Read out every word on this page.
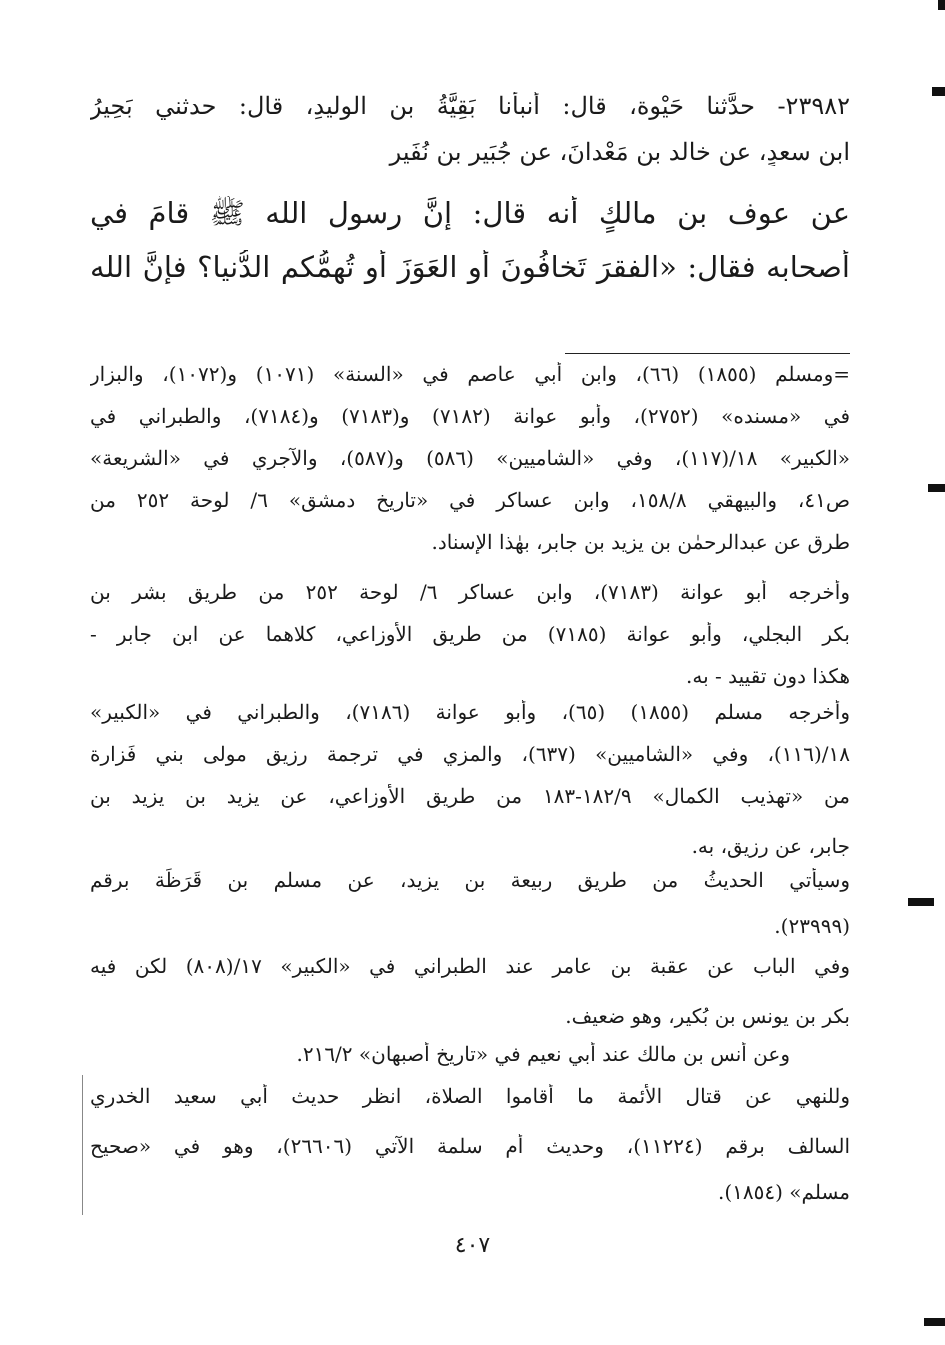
٢٣٩٨٢- حدَّثنا حَيْوة، قال: أَنبأنا بَقِيَّةُ بن الوليدِ، قال: حدثني بَحِيرُ
ابن سعدٍ، عن خالد بن مَعْدانَ، عن جُبَير بن نُفَير
عن عوف بن مالكٍ أنه قال: إنَّ رسول الله ﷺ قامَ في
أصحابه فقال: «الفقرَ تَخافُونَ أو العَوَزَ أو تُهِمُّكم الدُّنيا؟ فإنَّ الله
=ومسلم (١٨٥٥) (٦٦)، وابن أبي عاصم في «السنة» (١٠٧١) و(١٠٧٢)، والبزار
في «مسنده» (٢٧٥٢)، وأبو عوانة (٧١٨٢) و(٧١٨٣) و(٧١٨٤)، والطبراني في
«الكبير» ١٨/(١١٧)، وفي «الشاميين» (٥٨٦) و(٥٨٧)، والآجري في «الشريعة»
ص٤١، والبيهقي ١٥٨/٨، وابن عساكر في «تاريخ دمشق» ٦/ لوحة ٢٥٢ من
طرق عن عبدالرحمٰن بن يزيد بن جابر، بهٰذا الإسناد.
وأخرجه أبو عوانة (٧١٨٣)، وابن عساكر ٦/ لوحة ٢٥٢ من طريق بشر بن
بكر البجلي، وأبو عوانة (٧١٨٥) من طريق الأوزاعي، كلاهما عن ابن جابر -
هكذا دون تقييد - به.
وأخرجه مسلم (١٨٥٥) (٦٥)، وأبو عوانة (٧١٨٦)، والطبراني في «الكبير»
١٨/(١١٦)، وفي «الشاميين» (٦٣٧)، والمزي في ترجمة رزيق مولى بني فَزارة
من «تهذيب الكمال» ١٨٢/٩-١٨٣ من طريق الأوزاعي، عن يزيد بن يزيد بن
جابر، عن رزيق، به.
وسيأتي الحديثُ من طريق ربيعة بن يزيد، عن مسلم بن قَرَظَة برقم
(٢٣٩٩٩).
وفي الباب عن عقبة بن عامر عند الطبراني في «الكبير» ١٧/(٨٠٨) لكن فيه
بكر بن يونس بن بُكير، وهو ضعيف.
وعن أنس بن مالك عند أبي نعيم في «تاريخ أصبهان» ٢١٦/٢.
وللنهي عن قتال الأئمة ما أقاموا الصلاة، انظر حديث أبي سعيد الخدري
السالف برقم (١١٢٢٤)، وحديث أم سلمة الآتي (٢٦٦٠٦)، وهو في «صحيح
مسلم» (١٨٥٤).
٤٠٧
